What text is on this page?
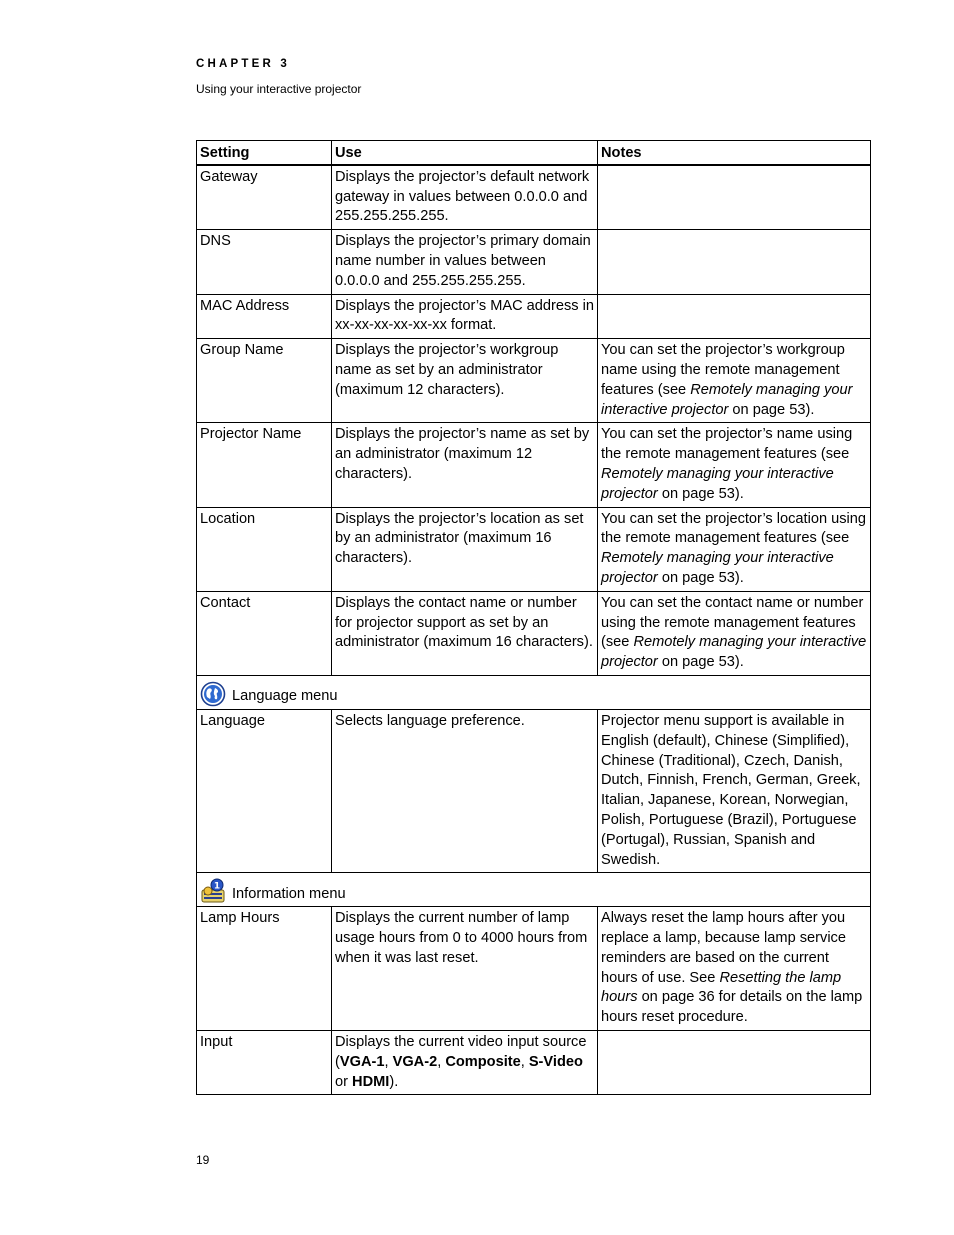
CHAPTER 3
Using your interactive projector
Setting	Use	Notes
Gateway	Displays the projector’s default network gateway in values between 0.0.0.0 and 255.255.255.255.	
DNS	Displays the projector’s primary domain name number in values between 0.0.0.0 and 255.255.255.255.	
MAC Address	Displays the projector’s MAC address in xx-xx-xx-xx-xx-xx format.	
Group Name	Displays the projector’s workgroup name as set by an administrator (maximum 12 characters).	You can set the projector’s workgroup name using the remote management features (see Remotely managing your interactive projector on page 53).
Projector Name	Displays the projector’s name as set by an administrator (maximum 12 characters).	You can set the projector’s name using the remote management features (see Remotely managing your interactive projector on page 53).
Location	Displays the projector’s location as set by an administrator (maximum 16 characters).	You can set the projector’s location using the remote management features (see Remotely managing your interactive projector on page 53).
Contact	Displays the contact name or number for projector support as set by an administrator (maximum 16 characters).	You can set the contact name or number using the remote management features (see Remotely managing your interactive projector on page 53).

Language menu		

Language	Selects language preference.	Projector menu support is available in English (default), Chinese (Simplified), Chinese (Traditional), Czech, Danish, Dutch, Finnish, French, German, Greek, Italian, Japanese, Korean, Norwegian, Polish, Portuguese (Brazil), Portuguese (Portugal), Russian, Spanish and Swedish.

1 Information menu		

Lamp Hours	Displays the current number of lamp usage hours from 0 to 4000 hours from when it was last reset.	Always reset the lamp hours after you replace a lamp, because lamp service reminders are based on the current hours of use. See Resetting the lamp hours on page 36 for details on the lamp hours reset procedure.
Input	Displays the current video input source (VGA-1, VGA-2, Composite, S-Video or HDMI).	
19
